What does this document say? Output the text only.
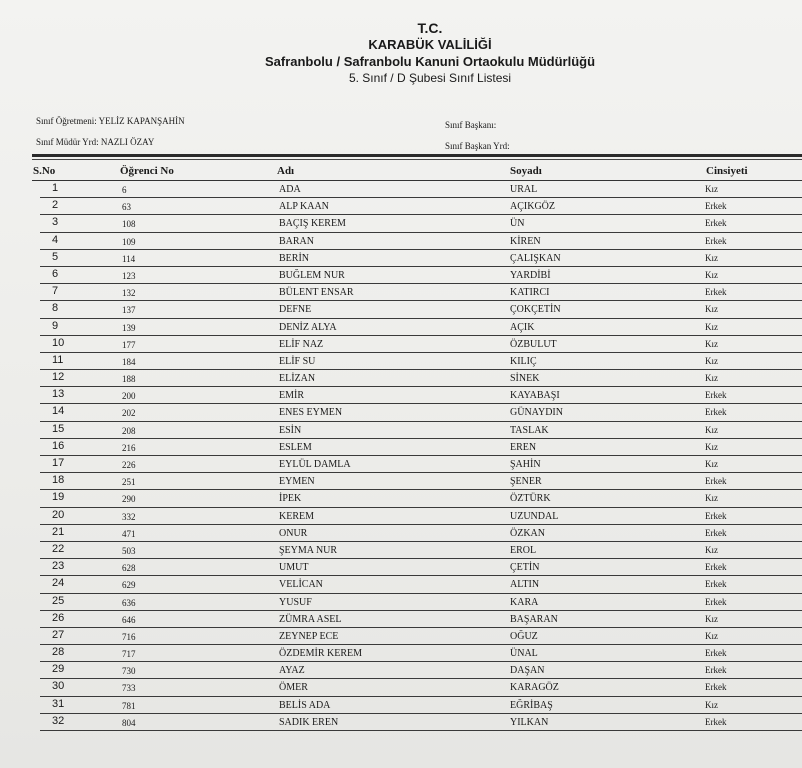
T.C.
KARABÜK VALİLİĞİ
Safranbolu / Safranbolu Kanuni Ortaokulu Müdürlüğü
5. Sınıf / D Şubesi Sınıf Listesi
Sınıf Öğretmeni: YELİZ KAPANŞAHİN
Sınıf Müdür Yrd: NAZLI ÖZAY
Sınıf Başkanı:
Sınıf Başkan Yrd:
S.No	Öğrenci No	Adı	Soyadı	Cinsiyeti
1	6	ADA	URAL	Kız
2	63	ALP KAAN	AÇIKGÖZ	Erkek
3	108	BAÇIŞ KEREM	ÜN	Erkek
4	109	BARAN	KİREN	Erkek
5	114	BERİN	ÇALIŞKAN	Kız
6	123	BUĞLEM NUR	YARDİBİ	Kız
7	132	BÜLENT ENSAR	KATIRCI	Erkek
8	137	DEFNE	ÇOKÇETİN	Kız
9	139	DENİZ ALYA	AÇIK	Kız
10	177	ELİF NAZ	ÖZBULUT	Kız
11	184	ELİF SU	KILIÇ	Kız
12	188	ELİZAN	SİNEK	Kız
13	200	EMİR	KAYABAŞI	Erkek
14	202	ENES EYMEN	GÜNAYDIN	Erkek
15	208	ESİN	TASLAK	Kız
16	216	ESLEM	EREN	Kız
17	226	EYLÜL DAMLA	ŞAHİN	Kız
18	251	EYMEN	ŞENER	Erkek
19	290	İPEK	ÖZTÜRK	Kız
20	332	KEREM	UZUNDAL	Erkek
21	471	ONUR	ÖZKAN	Erkek
22	503	ŞEYMA NUR	EROL	Kız
23	628	UMUT	ÇETİN	Erkek
24	629	VELİCAN	ALTIN	Erkek
25	636	YUSUF	KARA	Erkek
26	646	ZÜMRA ASEL	BAŞARAN	Kız
27	716	ZEYNEP ECE	OĞUZ	Kız
28	717	ÖZDEMİR KEREM	ÜNAL	Erkek
29	730	AYAZ	DAŞAN	Erkek
30	733	ÖMER	KARAGÖZ	Erkek
31	781	BELİS ADA	EĞRİBAŞ	Kız
32	804	SADIK EREN	YILKAN	Erkek
